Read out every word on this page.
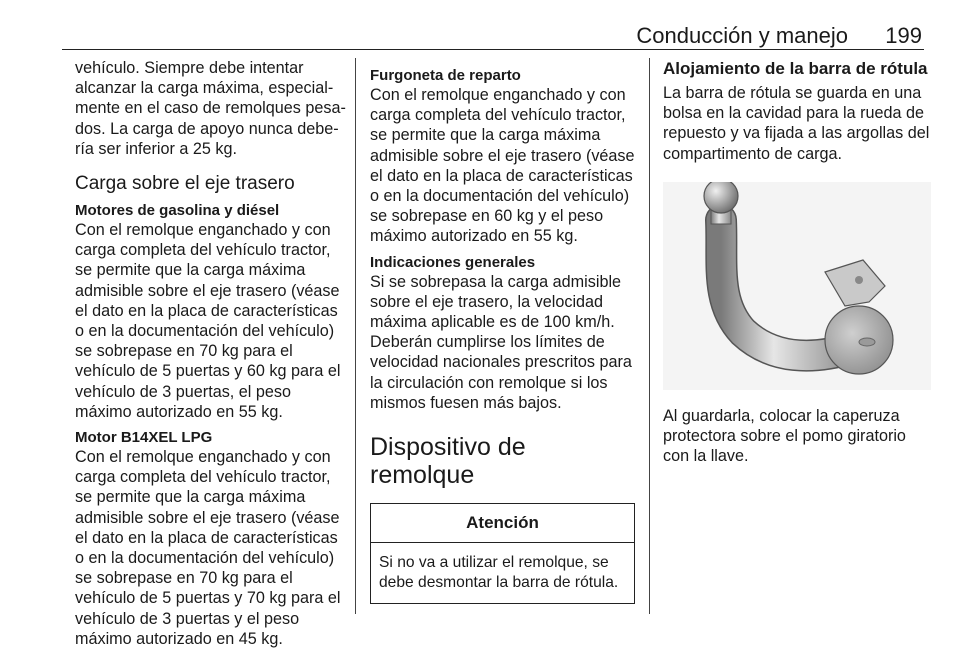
Conducción y manejo 199

vehículo. Siempre debe intentar alcanzar la carga máxima, especial-mente en el caso de remolques pesa-dos. La carga de apoyo nunca debe-ría ser inferior a 25 kg.

Carga sobre el eje trasero

Motores de gasolina y diésel

Con el remolque enganchado y con carga completa del vehículo tractor, se permite que la carga máxima admisible sobre el eje trasero (véase el dato en la placa de características o en la documentación del vehículo) se sobrepase en 70 kg para el vehículo de 5 puertas y 60 kg para el vehículo de 3 puertas, el peso máximo autorizado en 55 kg.

Motor B14XEL LPG

Con el remolque enganchado y con carga completa del vehículo tractor, se permite que la carga máxima admisible sobre el eje trasero (véase el dato en la placa de características o en la documentación del vehículo) se sobrepase en 70 kg para el vehículo de 5 puertas y 70 kg para el vehículo de 3 puertas y el peso máximo autorizado en 45 kg.

Furgoneta de reparto

Con el remolque enganchado y con carga completa del vehículo tractor, se permite que la carga máxima admisible sobre el eje trasero (véase el dato en la placa de características o en la documentación del vehículo) se sobrepase en 60 kg y el peso máximo autorizado en 55 kg.

Indicaciones generales

Si se sobrepasa la carga admisible sobre el eje trasero, la velocidad máxima aplicable es de 100 km/h. Deberán cumplirse los límites de velocidad nacionales prescritos para la circulación con remolque si los mismos fuesen más bajos.

Dispositivo de remolque
Atención
Si no va a utilizar el remolque, se debe desmontar la barra de rótula.
Alojamiento de la barra de rótula

La barra de rótula se guarda en una bolsa en la cavidad para la rueda de repuesto y va fijada a las argollas del compartimento de carga.

Al guardarla, colocar la caperuza protectora sobre el pomo giratorio con la llave.
